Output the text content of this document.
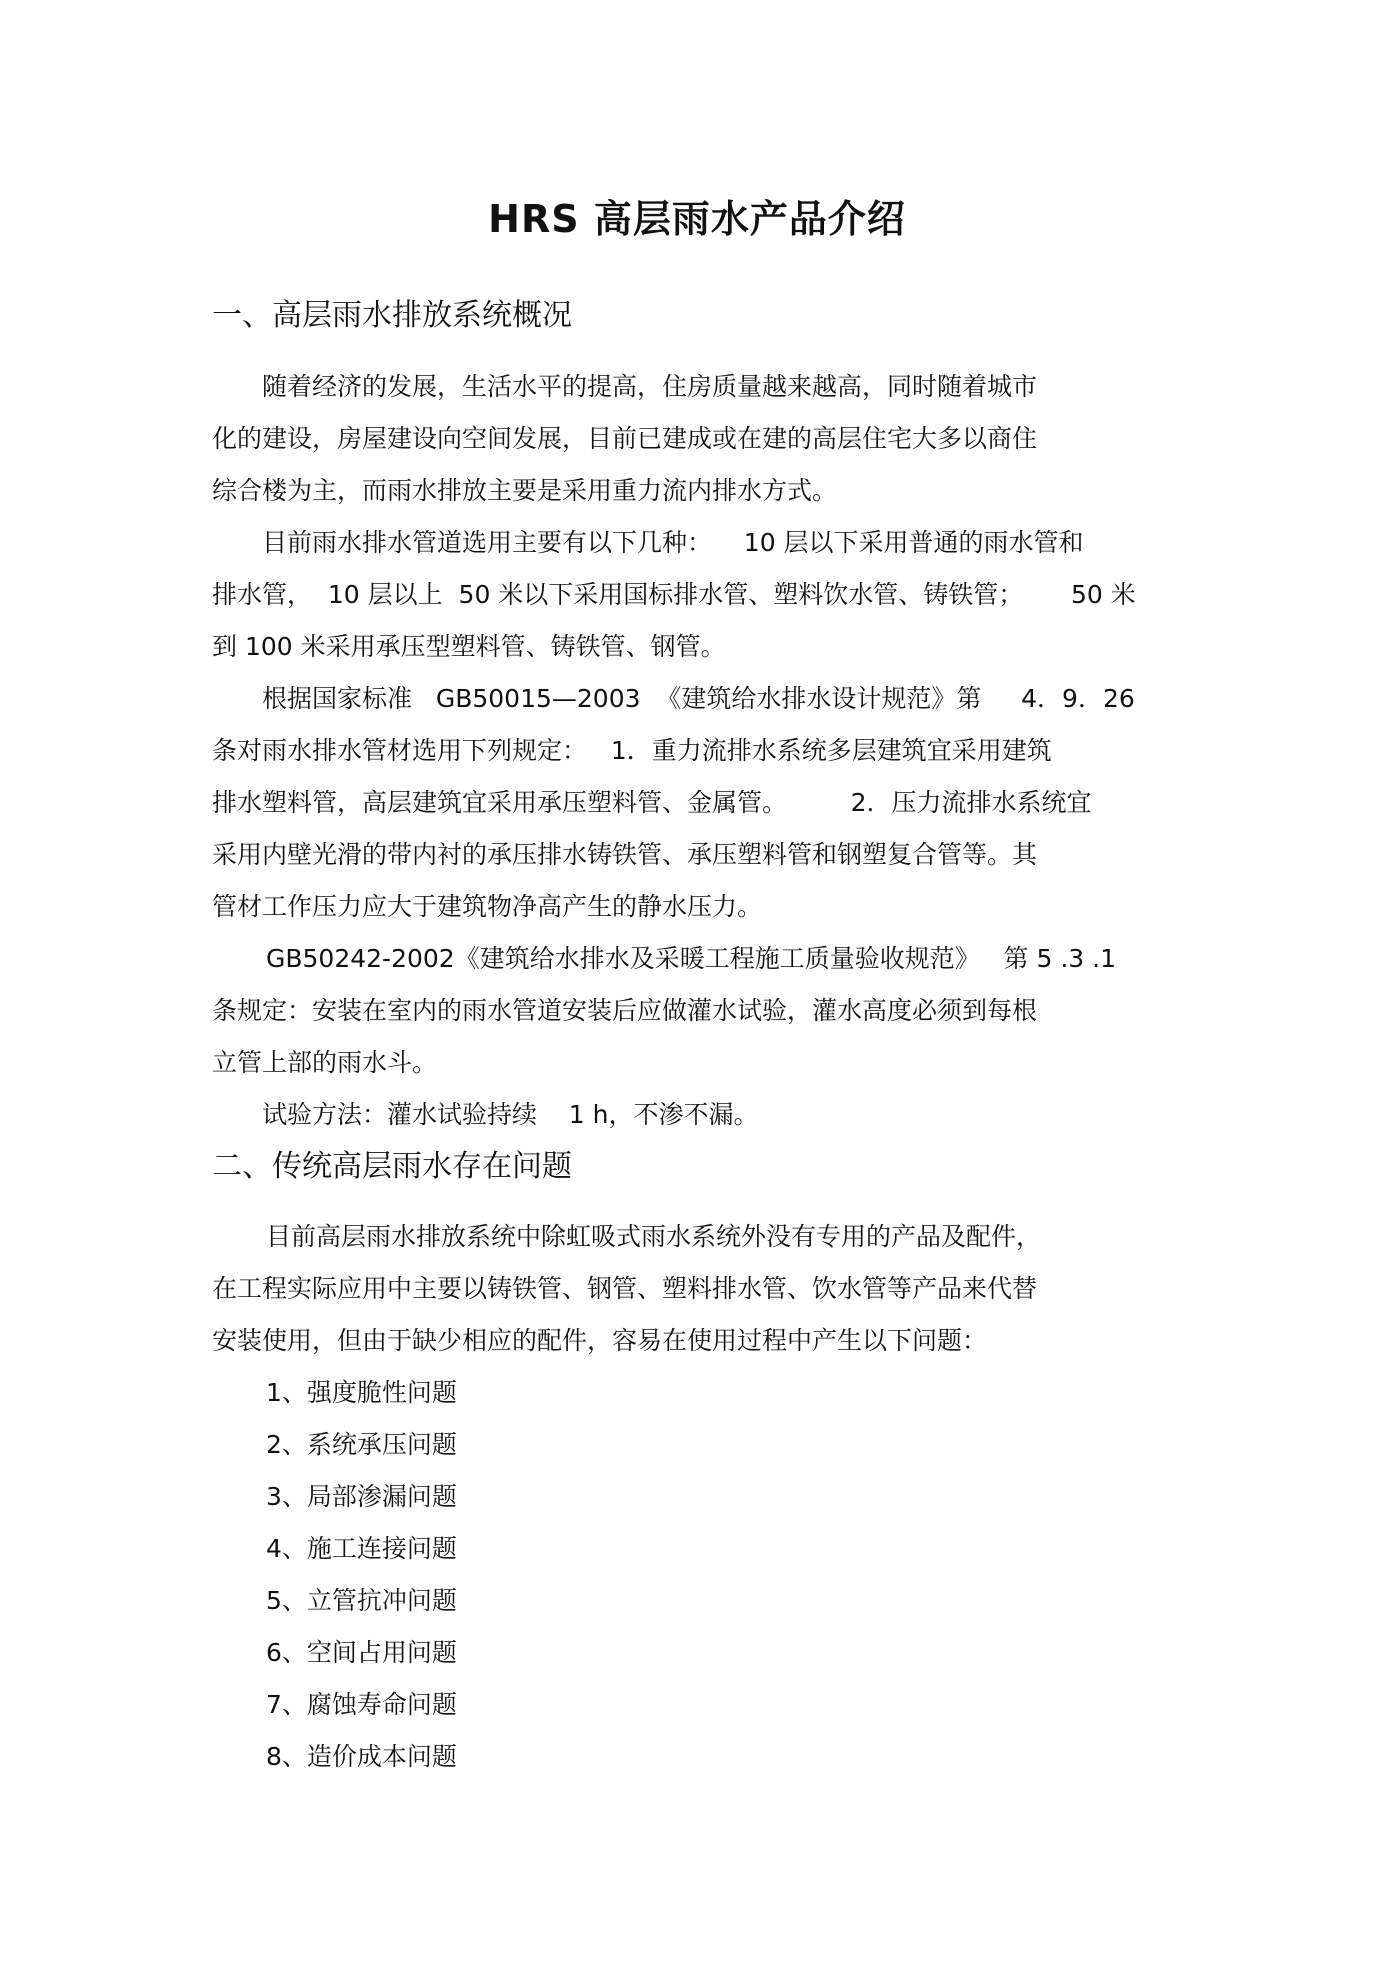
HRS 高层雨水产品介绍
一、高层雨水排放系统概况
随着经济的发展，生活水平的提高，住房质量越来越高，同时随着城市
化的建设，房屋建设向空间发展，目前已建成或在建的高层住宅大多以商住
综合楼为主，而雨水排放主要是采用重力流内排水方式。
目前雨水排水管道选用主要有以下几种：    10 层以下采用普通的雨水管和
排水管，  10 层以上  50 米以下采用国标排水管、塑料饮水管、铸铁管；      50 米
到 100 米采用承压型塑料管、铸铁管、钢管。
根据国家标准   GB50015—2003  《建筑给水排水设计规范》第     4．9．26
条对雨水排水管材选用下列规定：   1．重力流排水系统多层建筑宜采用建筑
排水塑料管，高层建筑宜采用承压塑料管、金属管。        2．压力流排水系统宜
采用内壁光滑的带内衬的承压排水铸铁管、承压塑料管和钢塑复合管等。其
管材工作压力应大于建筑物净高产生的静水压力。
GB50242-2002《建筑给水排水及采暖工程施工质量验收规范》   第 5 .3 .1
条规定：安装在室内的雨水管道安装后应做灌水试验，灌水高度必须到每根
立管上部的雨水斗。
试验方法：灌水试验持续    1 h，不渗不漏。
二、传统高层雨水存在问题
目前高层雨水排放系统中除虹吸式雨水系统外没有专用的产品及配件，
在工程实际应用中主要以铸铁管、钢管、塑料排水管、饮水管等产品来代替
安装使用，但由于缺少相应的配件，容易在使用过程中产生以下问题：
1、强度脆性问题
2、系统承压问题
3、局部渗漏问题
4、施工连接问题
5、立管抗冲问题
6、空间占用问题
7、腐蚀寿命问题
8、造价成本问题
